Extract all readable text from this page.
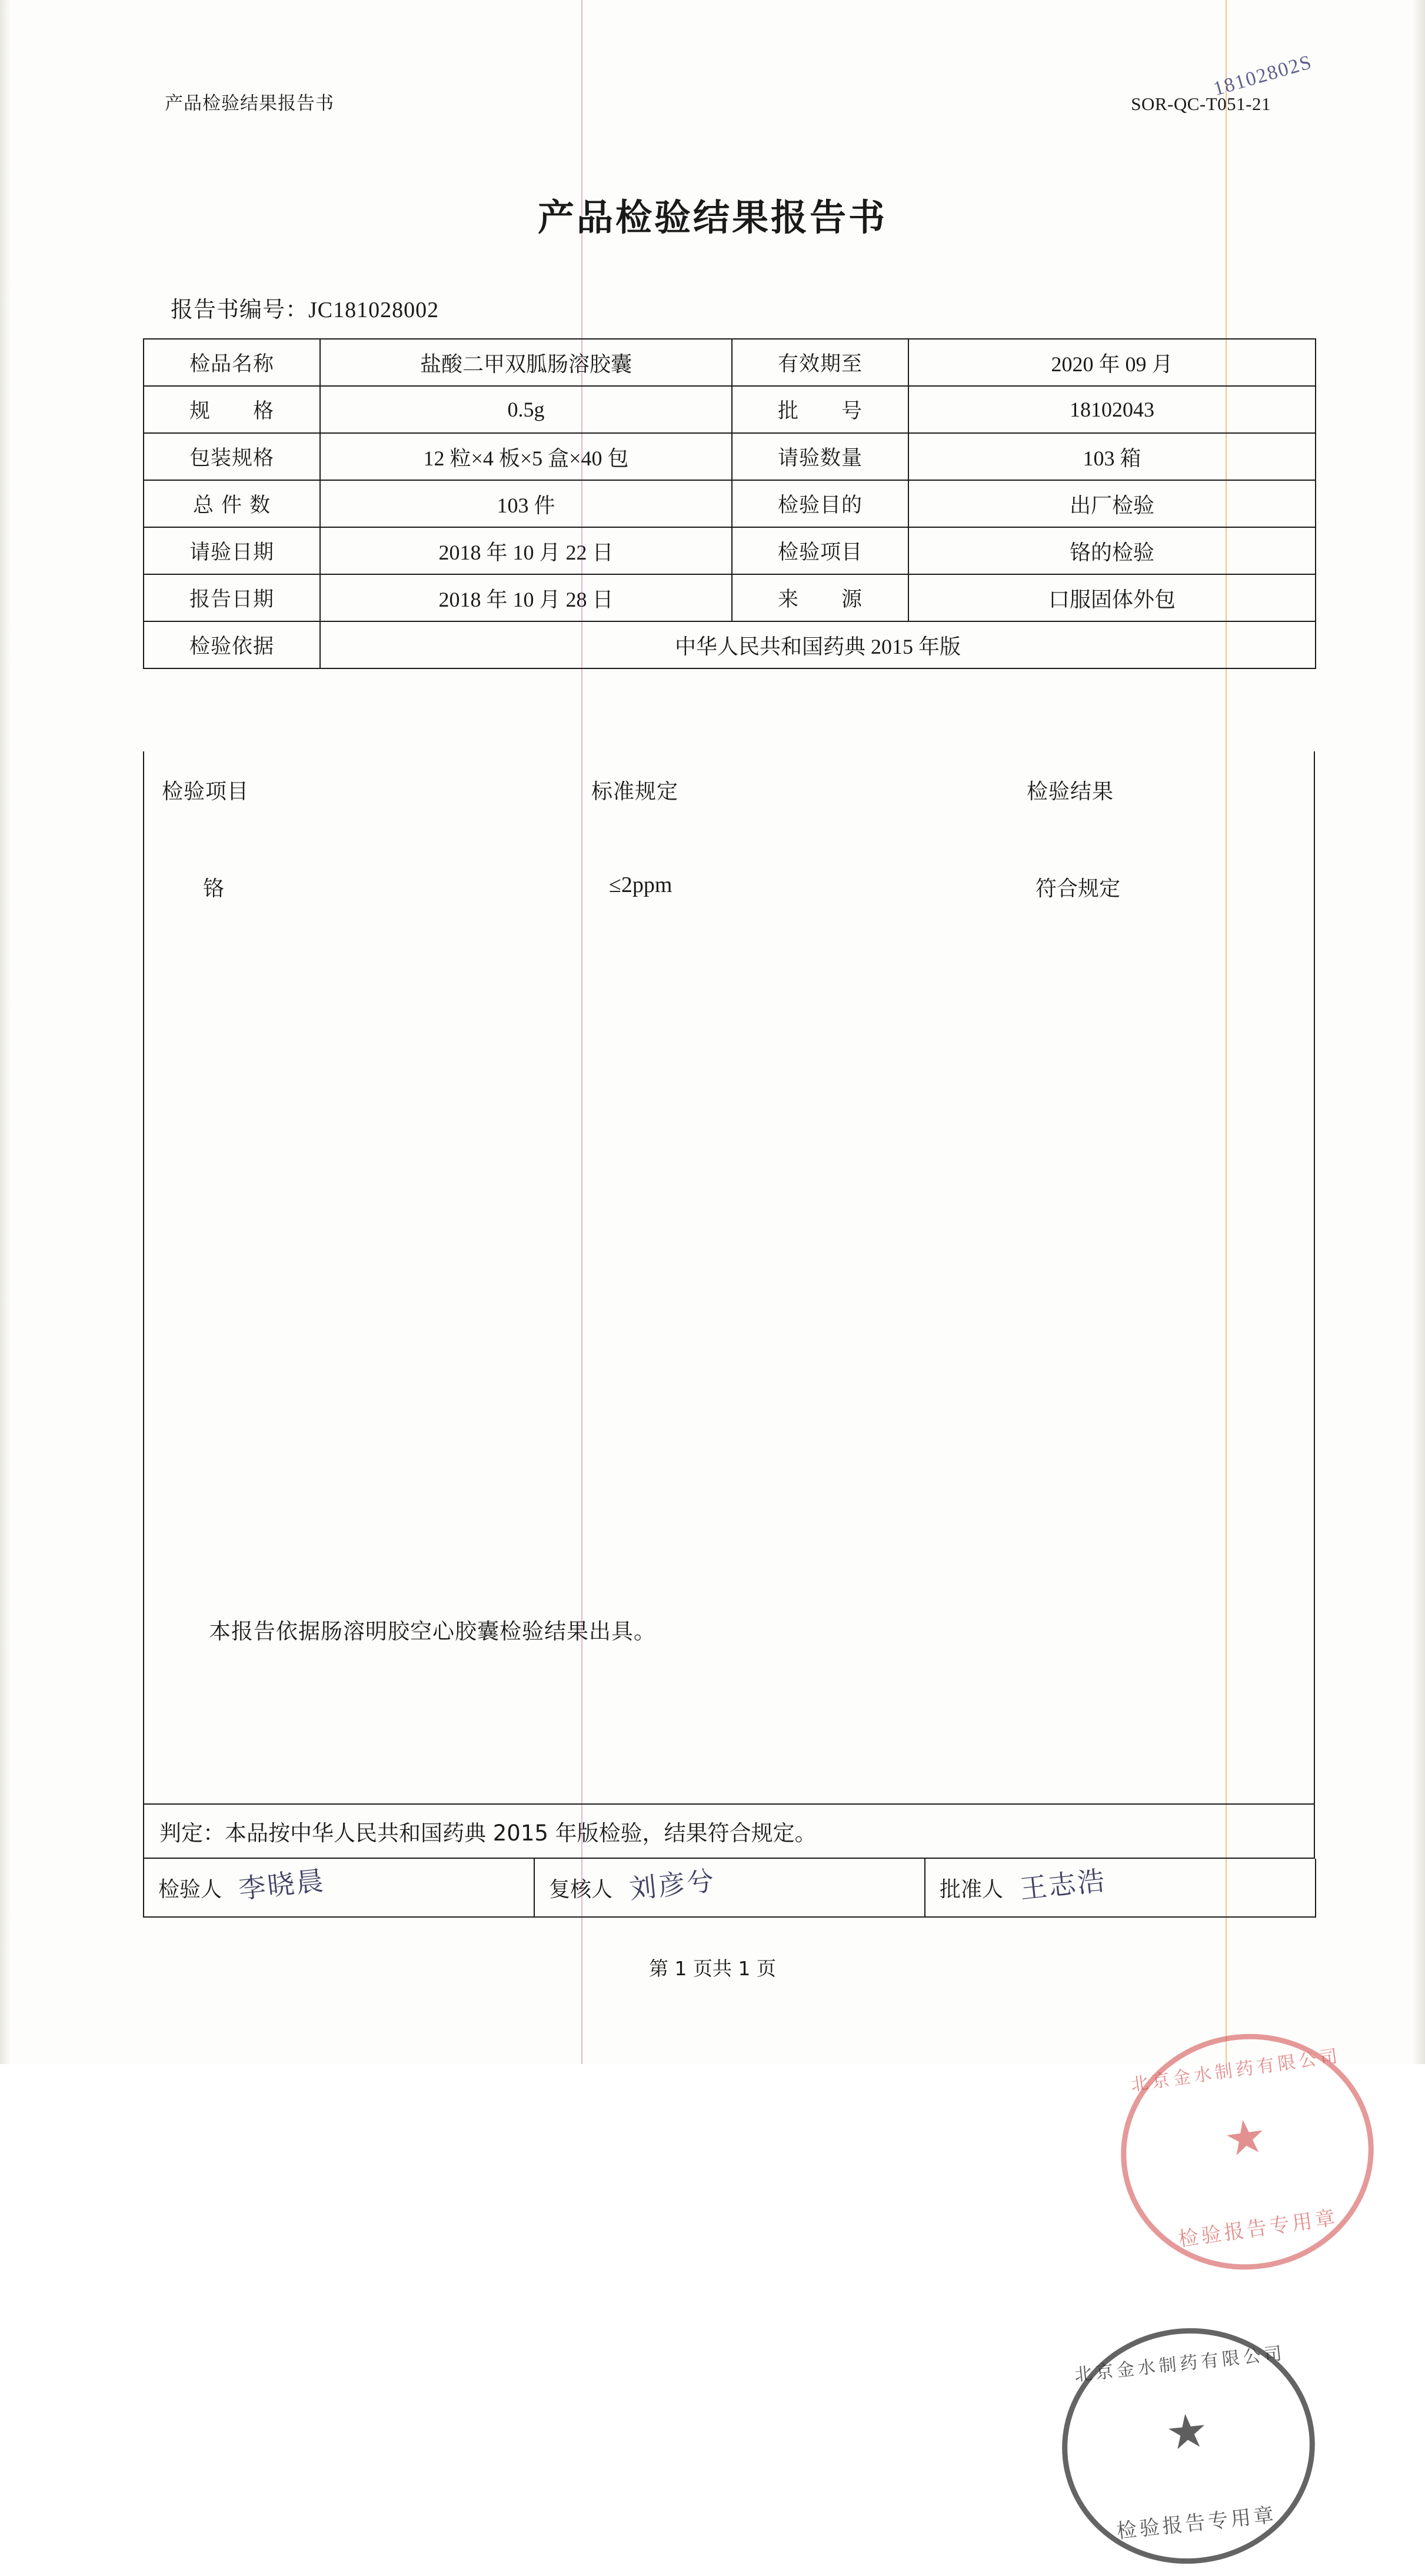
18102802S
产品检验结果报告书	SOR-QC-T051-21
产品检验结果报告书
报告书编号：JC181028002
检品名称	盐酸二甲双胍肠溶胶囊	有效期至	2020 年 09 月
规　　格	0.5g	批　　号	18102043
包装规格	12 粒×4 板×5 盒×40 包	请验数量	103 箱
总 件 数	103 件	检验目的	出厂检验
请验日期	2018 年 10 月 22 日	检验项目	铬的检验
报告日期	2018 年 10 月 28 日	来　　源	口服固体外包
检验依据	中华人民共和国药典 2015 年版		
检验项目	标准规定	检验结果
铬	≤2ppm	符合规定
本报告依据肠溶明胶空心胶囊检验结果出具。
北京金水制药有限公司
★
检验报告专用章
北京金水制药有限公司
★
检验报告专用章
判定：本品按中华人民共和国药典 2015 年版检验，结果符合规定。
检验人 李晓晨	复核人 刘彦兮	批准人 王志浩
第 1 页共 1 页
